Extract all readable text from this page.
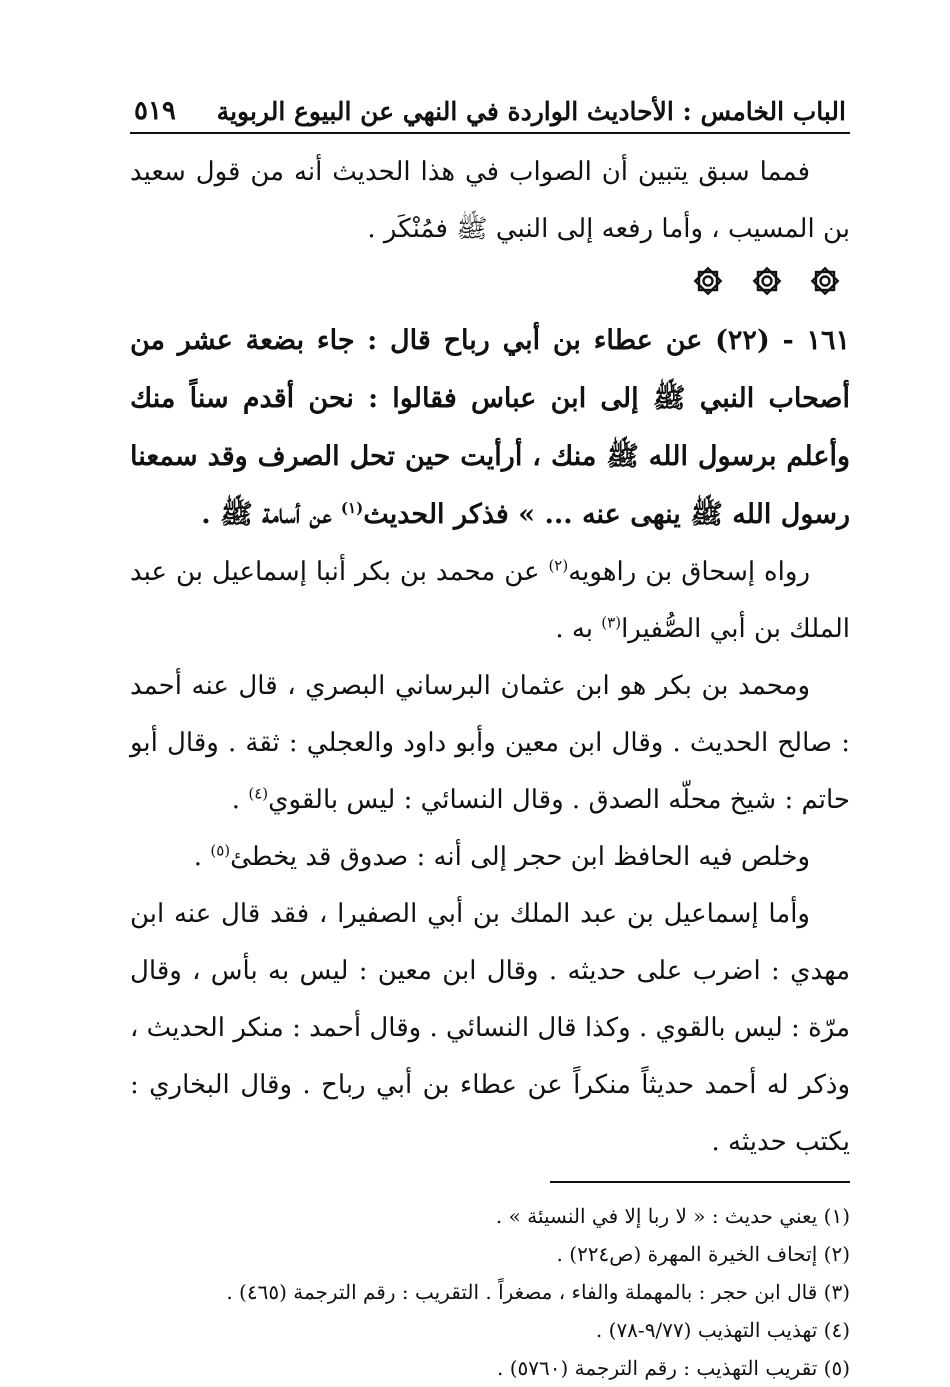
الباب الخامس : الأحاديث الواردة في النهي عن البيوع الربوية
٥١٩

فمما سبق يتبين أن الصواب في هذا الحديث أنه من قول سعيد بن المسيب ، وأما رفعه إلى النبي ﷺ فمُنْكَر .

١٦١ - (٢٢) عن عطاء بن أبي رباح قال : جاء بضعة عشر من أصحاب النبي ﷺ إلى ابن عباس فقالوا : نحن أقدم سناً منك وأعلم برسول الله ﷺ منك ، أرأيت حين تحل الصرف وقد سمعنا رسول الله ﷺ ينهى عنه ... » فذكر الحديث$^{(١)}$ عن أسامة ﷺ .

رواه إسحاق بن راهويه$^{(٢)}$ عن محمد بن بكر أنبا إسماعيل بن عبد الملك بن أبي الصُّفيرا$^{(٣)}$ به .

ومحمد بن بكر هو ابن عثمان البرساني البصري ، قال عنه أحمد : صالح الحديث . وقال ابن معين وأبو داود والعجلي : ثقة . وقال أبو حاتم : شيخ محلّه الصدق . وقال النسائي : ليس بالقوي$^{(٤)}$ .

وخلص فيه الحافظ ابن حجر إلى أنه : صدوق قد يخطئ$^{(٥)}$ .

وأما إسماعيل بن عبد الملك بن أبي الصفيرا ، فقد قال عنه ابن مهدي : اضرب على حديثه . وقال ابن معين : ليس به بأس ، وقال مرّة : ليس بالقوي . وكذا قال النسائي . وقال أحمد : منكر الحديث ، وذكر له أحمد حديثاً منكراً عن عطاء بن أبي رباح . وقال البخاري : يكتب حديثه .

(١) يعني حديث : « لا ربا إلا في النسيئة » .

(٢) إتحاف الخيرة المهرة (ص٢٢٤) .

(٣) قال ابن حجر : بالمهملة والفاء ، مصغراً . التقريب : رقم الترجمة (٤٦٥) .

(٤) تهذيب التهذيب (٩/٧٧-٧٨) .

(٥) تقريب التهذيب : رقم الترجمة (٥٧٦٠) .
